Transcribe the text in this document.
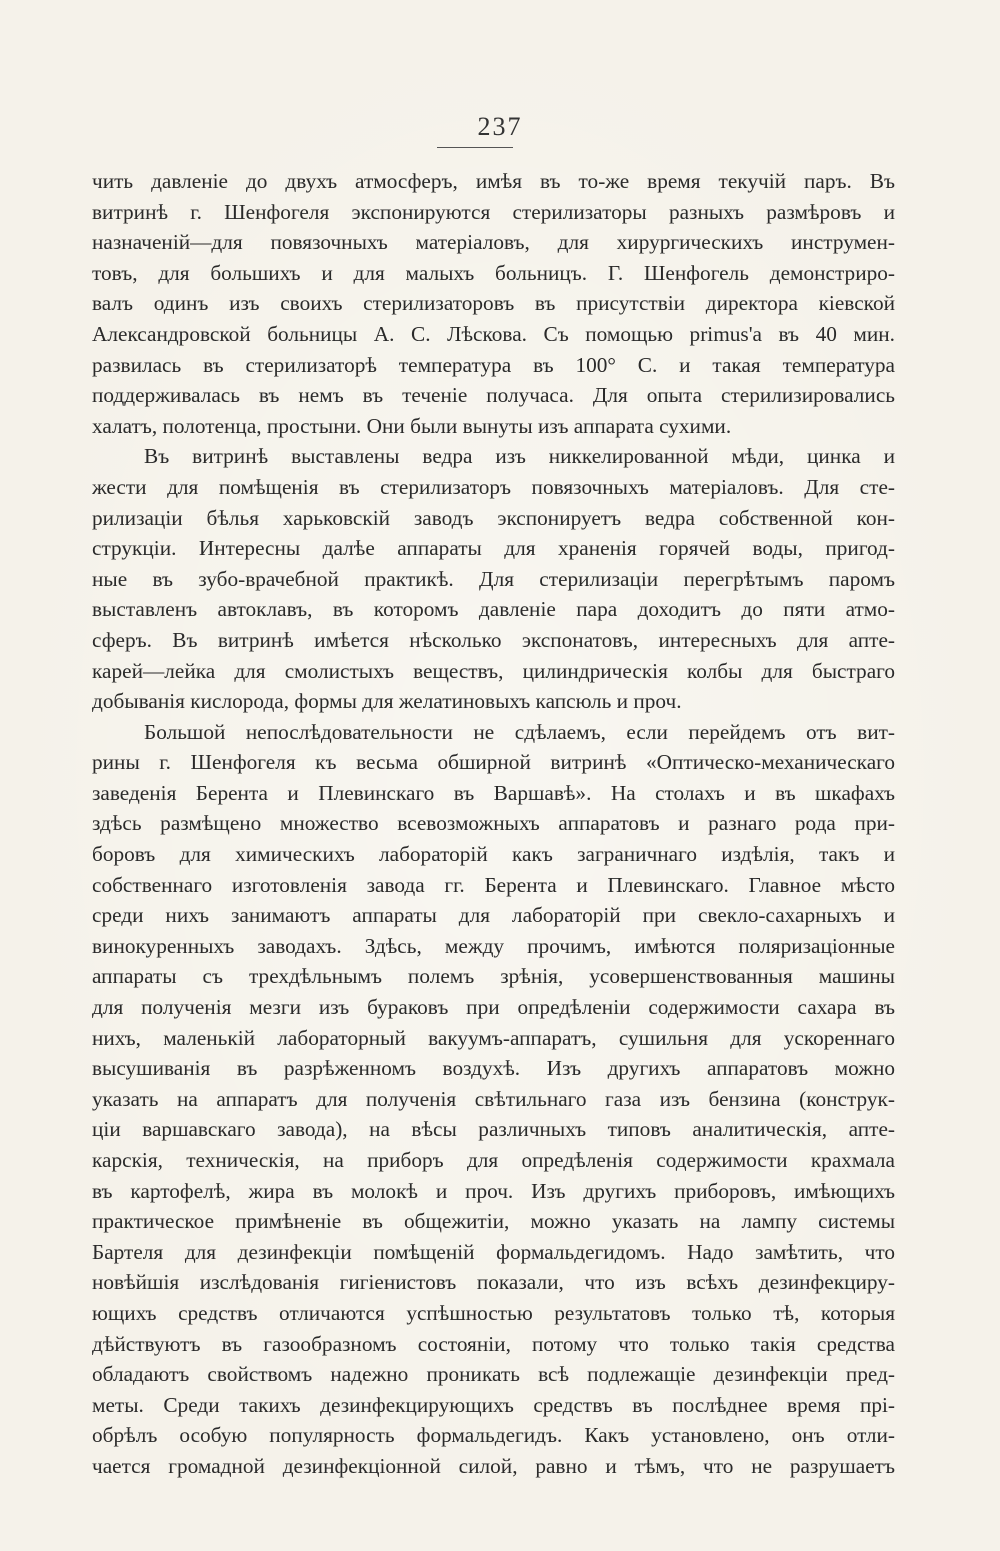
237
чить давленіе до двухъ атмосферъ, имѣя въ то-же время текучій паръ. Въ
витринѣ г. Шенфогеля экспонируются стерилизаторы разныхъ размѣровъ и
назначеній—для повязочныхъ матеріаловъ, для хирургическихъ инструмен-
товъ, для большихъ и для малыхъ больницъ. Г. Шенфогель демонстриро-
валъ одинъ изъ своихъ стерилизаторовъ въ присутствіи директора кіевской
Александровской больницы А. С. Лѣскова. Съ помощью primus'а въ 40 мин.
развилась въ стерилизаторѣ температура въ 100° С. и такая температура
поддерживалась въ немъ въ теченіе получаса. Для опыта стерилизировались
халатъ, полотенца, простыни. Они были вынуты изъ аппарата сухими.
Въ витринѣ выставлены ведра изъ никкелированной мѣди, цинка и
жести для помѣщенія въ стерилизаторъ повязочныхъ матеріаловъ. Для сте-
рилизаціи бѣлья харьковскій заводъ экспонируетъ ведра собственной кон-
струкціи. Интересны далѣе аппараты для храненія горячей воды, пригод-
ные въ зубо-врачебной практикѣ. Для стерилизаціи перегрѣтымъ паромъ
выставленъ автоклавъ, въ которомъ давленіе пара доходитъ до пяти атмо-
сферъ. Въ витринѣ имѣется нѣсколько экспонатовъ, интересныхъ для апте-
карей—лейка для смолистыхъ веществъ, цилиндрическія колбы для быстраго
добыванія кислорода, формы для желатиновыхъ капсюль и проч.
Большой непослѣдовательности не сдѣлаемъ, если перейдемъ отъ вит-
рины г. Шенфогеля къ весьма обширной витринѣ «Оптическо-механическаго
заведенія Берента и Плевинскаго въ Варшавѣ». На столахъ и въ шкафахъ
здѣсь размѣщено множество всевозможныхъ аппаратовъ и разнаго рода при-
боровъ для химическихъ лабораторій какъ заграничнаго издѣлія, такъ и
собственнаго изготовленія завода гг. Берента и Плевинскаго. Главное мѣсто
среди нихъ занимаютъ аппараты для лабораторій при свекло-сахарныхъ и
винокуренныхъ заводахъ. Здѣсь, между прочимъ, имѣются поляризаціонные
аппараты съ трехдѣльнымъ полемъ зрѣнія, усовершенствованныя машины
для полученія мезги изъ бураковъ при опредѣленіи содержимости сахара въ
нихъ, маленькій лабораторный вакуумъ-аппаратъ, сушильня для ускореннаго
высушиванія въ разрѣженномъ воздухѣ. Изъ другихъ аппаратовъ можно
указать на аппаратъ для полученія свѣтильнаго газа изъ бензина (конструк-
ціи варшавскаго завода), на вѣсы различныхъ типовъ аналитическія, апте-
карскія, техническія, на приборъ для опредѣленія содержимости крахмала
въ картофелѣ, жира въ молокѣ и проч. Изъ другихъ приборовъ, имѣющихъ
практическое примѣненіе въ общежитіи, можно указать на лампу системы
Бартеля для дезинфекціи помѣщеній формальдегидомъ. Надо замѣтить, что
новѣйшія изслѣдованія гигіенистовъ показали, что изъ всѣхъ дезинфекциру-
ющихъ средствъ отличаются успѣшностью результатовъ только тѣ, которыя
дѣйствуютъ въ газообразномъ состояніи, потому что только такія средства
обладаютъ свойствомъ надежно проникать всѣ подлежащіе дезинфекціи пред-
меты. Среди такихъ дезинфекцирующихъ средствъ въ послѣднее время прі-
обрѣлъ особую популярность формальдегидъ. Какъ установлено, онъ отли-
чается громадной дезинфекціонной силой, равно и тѣмъ, что не разрушаетъ
